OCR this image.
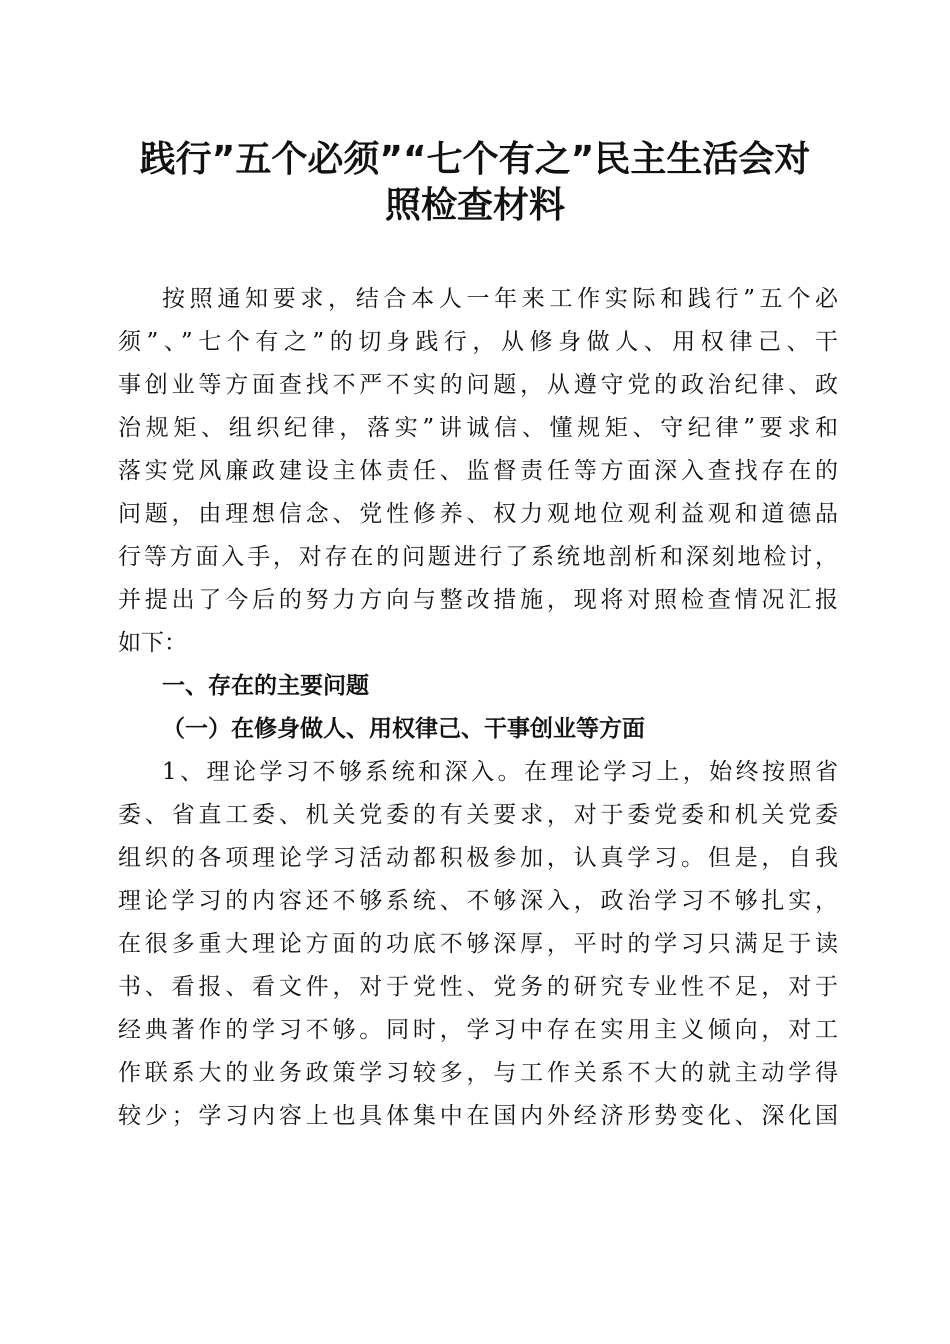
践行”五个必须”“七个有之”民主生活会对
照检查材料
按照通知要求，结合本人一年来工作实际和践行”五个必
须”、”七个有之”的切身践行，从修身做人、用权律己、干
事创业等方面查找不严不实的问题，从遵守党的政治纪律、政
治规矩、组织纪律，落实”讲诚信、懂规矩、守纪律”要求和
落实党风廉政建设主体责任、监督责任等方面深入查找存在的
问题，由理想信念、党性修养、权力观地位观利益观和道德品
行等方面入手，对存在的问题进行了系统地剖析和深刻地检讨，
并提出了今后的努力方向与整改措施，现将对照检查情况汇报
如下：
一、存在的主要问题
（一）在修身做人、用权律己、干事创业等方面
1、理论学习不够系统和深入。在理论学习上，始终按照省
委、省直工委、机关党委的有关要求，对于委党委和机关党委
组织的各项理论学习活动都积极参加，认真学习。但是，自我
理论学习的内容还不够系统、不够深入，政治学习不够扎实，
在很多重大理论方面的功底不够深厚，平时的学习只满足于读
书、看报、看文件，对于党性、党务的研究专业性不足，对于
经典著作的学习不够。同时，学习中存在实用主义倾向，对工
作联系大的业务政策学习较多，与工作关系不大的就主动学得
较少；学习内容上也具体集中在国内外经济形势变化、深化国
